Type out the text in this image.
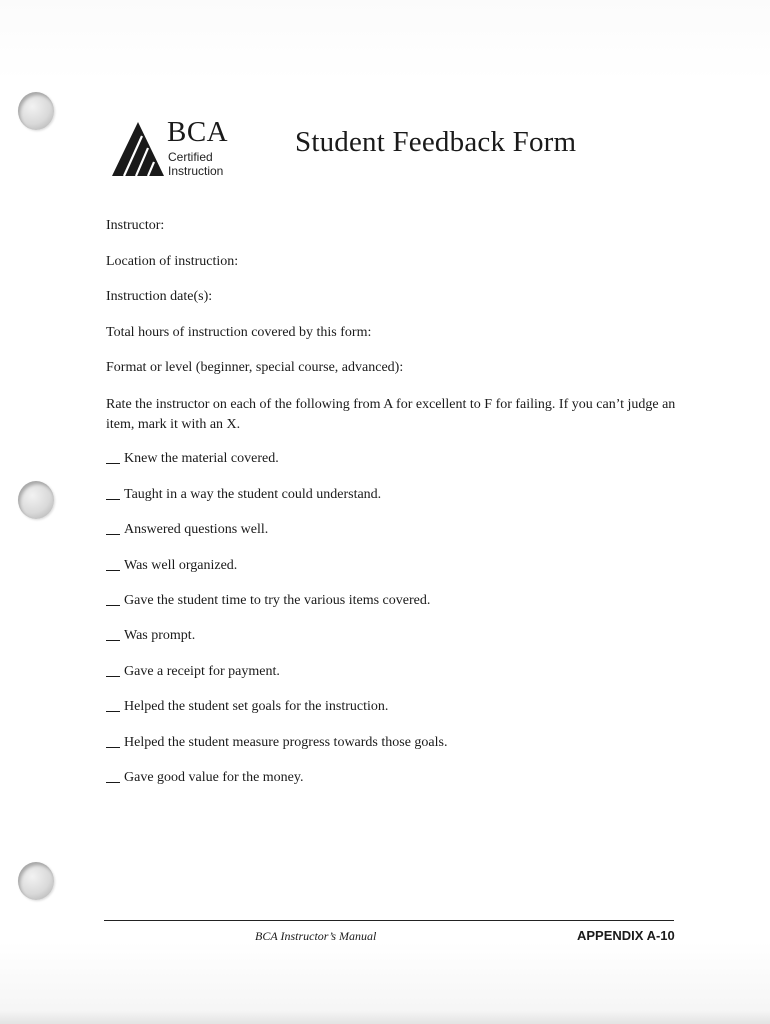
BCA
Certified
Instruction
Student Feedback Form
Instructor:
Location of instruction:
Instruction date(s):
Total hours of instruction covered by this form:
Format or level (beginner, special course, advanced):
Rate the instructor on each of the following from A for excellent to F for failing. If you can’t judge an item, mark it with an X.
Knew the material covered.
Taught in a way the student could understand.
Answered questions well.
Was well organized.
Gave the student time to try the various items covered.
Was prompt.
Gave a receipt for payment.
Helped the student set goals for the instruction.
Helped the student measure progress towards those goals.
Gave good value for the money.
BCA Instructor’s Manual	APPENDIX A-10
